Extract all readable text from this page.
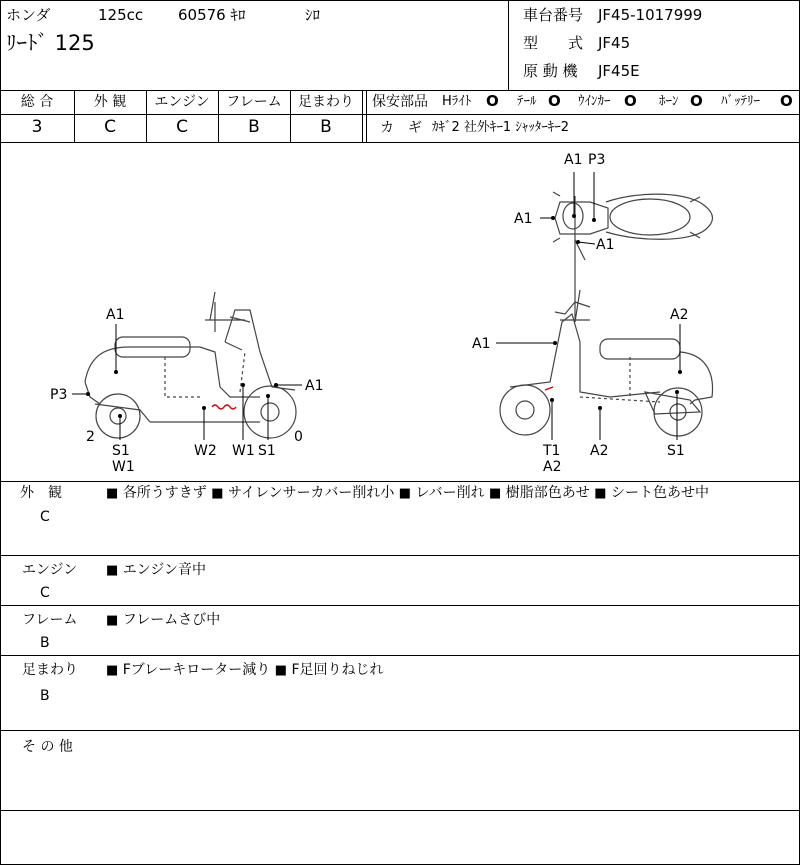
ホンダ	125cc 60576 ｷﾛ	ｼﾛ
ﾘｰﾄﾞ 125
車台番号 JF45-1017999
型　　式 JF45
原 動 機 JF45E
総 合	外 観	エンジン	フレーム	足まわり
3	C	C	B	B
保安部品 Hﾗｲﾄ O ﾃｰﾙ O ｳｲﾝｶｰ O ﾎｰﾝ O ﾊﾞｯﾃﾘｰ O
カ　ギ ｶｷﾞ2 社外ｷｰ1 ｼｬｯﾀｰｷｰ2
A1 P3
A1
A1
A1
P3
A1
2
S1
W1
W2 W1 S1
0
A1
A2
T1
A2
A2	S1
外　観
C
■ 各所うすきず ■ サイレンサーカバー削れ小 ■ レバー削れ ■ 樹脂部色あせ ■ シート色あせ中
エンジン
C
■ エンジン音中
フレーム
B
■ フレームさび中
足まわり
B
■ Fブレーキローター減り ■ F足回りねじれ
そ の 他
